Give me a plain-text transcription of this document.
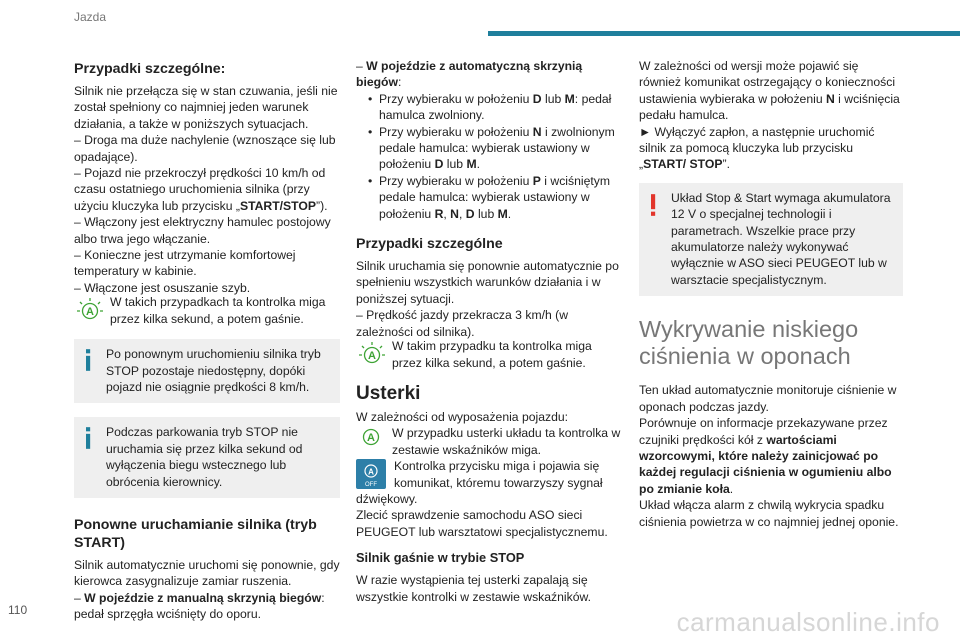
Jazda
Przypadki szczególne:

Silnik nie przełącza się w stan czuwania, jeśli nie został spełniony co najmniej jeden warunek działania, a także w poniższych sytuacjach.

– Droga ma duże nachylenie (wznoszące się lub opadające).

– Pojazd nie przekroczył prędkości 10 km/h od czasu ostatniego uruchomienia silnika (przy użyciu kluczyka lub przycisku „START/STOP”).

– Włączony jest elektryczny hamulec postojowy albo trwa jego włączanie.

– Konieczne jest utrzymanie komfortowej temperatury w kabinie.

– Włączone jest osuszanie szyb.

A
W takich przypadkach ta kontrolka miga przez kilka sekund, a potem gaśnie.
Po ponownym uruchomieniu silnika tryb STOP pozostaje niedostępny, dopóki pojazd nie osiągnie prędkości 8 km/h.
Podczas parkowania tryb STOP nie uruchamia się przez kilka sekund od wyłączenia biegu wstecznego lub obrócenia kierownicy.
Ponowne uruchamianie silnika (tryb START)

Silnik automatycznie uruchomi się ponownie, gdy kierowca zasygnalizuje zamiar ruszenia.

– W pojeździe z manualną skrzynią biegów: pedał sprzęgła wciśnięty do oporu.

– W pojeździe z automatyczną skrzynią biegów:

• Przy wybieraku w położeniu D lub M: pedał hamulca zwolniony.
• Przy wybieraku w położeniu N i zwolnionym pedale hamulca: wybierak ustawiony w położeniu D lub M.
• Przy wybieraku w położeniu P i wciśniętym pedale hamulca: wybierak ustawiony w położeniu R, N, D lub M.
Przypadki szczególne

Silnik uruchamia się ponownie automatycznie po spełnieniu wszystkich warunków działania i w poniższej sytuacji.

– Prędkość jazdy przekracza 3 km/h (w zależności od silnika).

A
W takim przypadku ta kontrolka miga przez kilka sekund, a potem gaśnie.
Usterki

W zależności od wyposażenia pojazdu:

A W przypadku usterki układu ta kontrolka w zestawie wskaźników miga.
A
OFF
Kontrolka przycisku miga i pojawia się komunikat, któremu towarzyszy sygnał dźwiękowy.

Zlecić sprawdzenie samochodu ASO sieci PEUGEOT lub warsztatowi specjalistycznemu.

Silnik gaśnie w trybie STOP

W razie wystąpienia tej usterki zapalają się wszystkie kontrolki w zestawie wskaźników.

W zależności od wersji może pojawić się również komunikat ostrzegający o konieczności ustawienia wybieraka w położeniu N i wciśnięcia pedału hamulca.

► Wyłączyć zapłon, a następnie uruchomić silnik za pomocą kluczyka lub przycisku „START/ STOP”.

Układ Stop & Start wymaga akumulatora 12 V o specjalnej technologii i parametrach. Wszelkie prace przy akumulatorze należy wykonywać wyłącznie w ASO sieci PEUGEOT lub w warsztacie specjalistycznym.
Wykrywanie niskiego ciśnienia w oponach

Ten układ automatycznie monitoruje ciśnienie w oponach podczas jazdy.

Porównuje on informacje przekazywane przez czujniki prędkości kół z wartościami wzorcowymi, które należy zainicjować po każdej regulacji ciśnienia w ogumieniu albo po zmianie koła.

Układ włącza alarm z chwilą wykrycia spadku ciśnienia powietrza w co najmniej jednej oponie.

110	carmanualsonline.info
